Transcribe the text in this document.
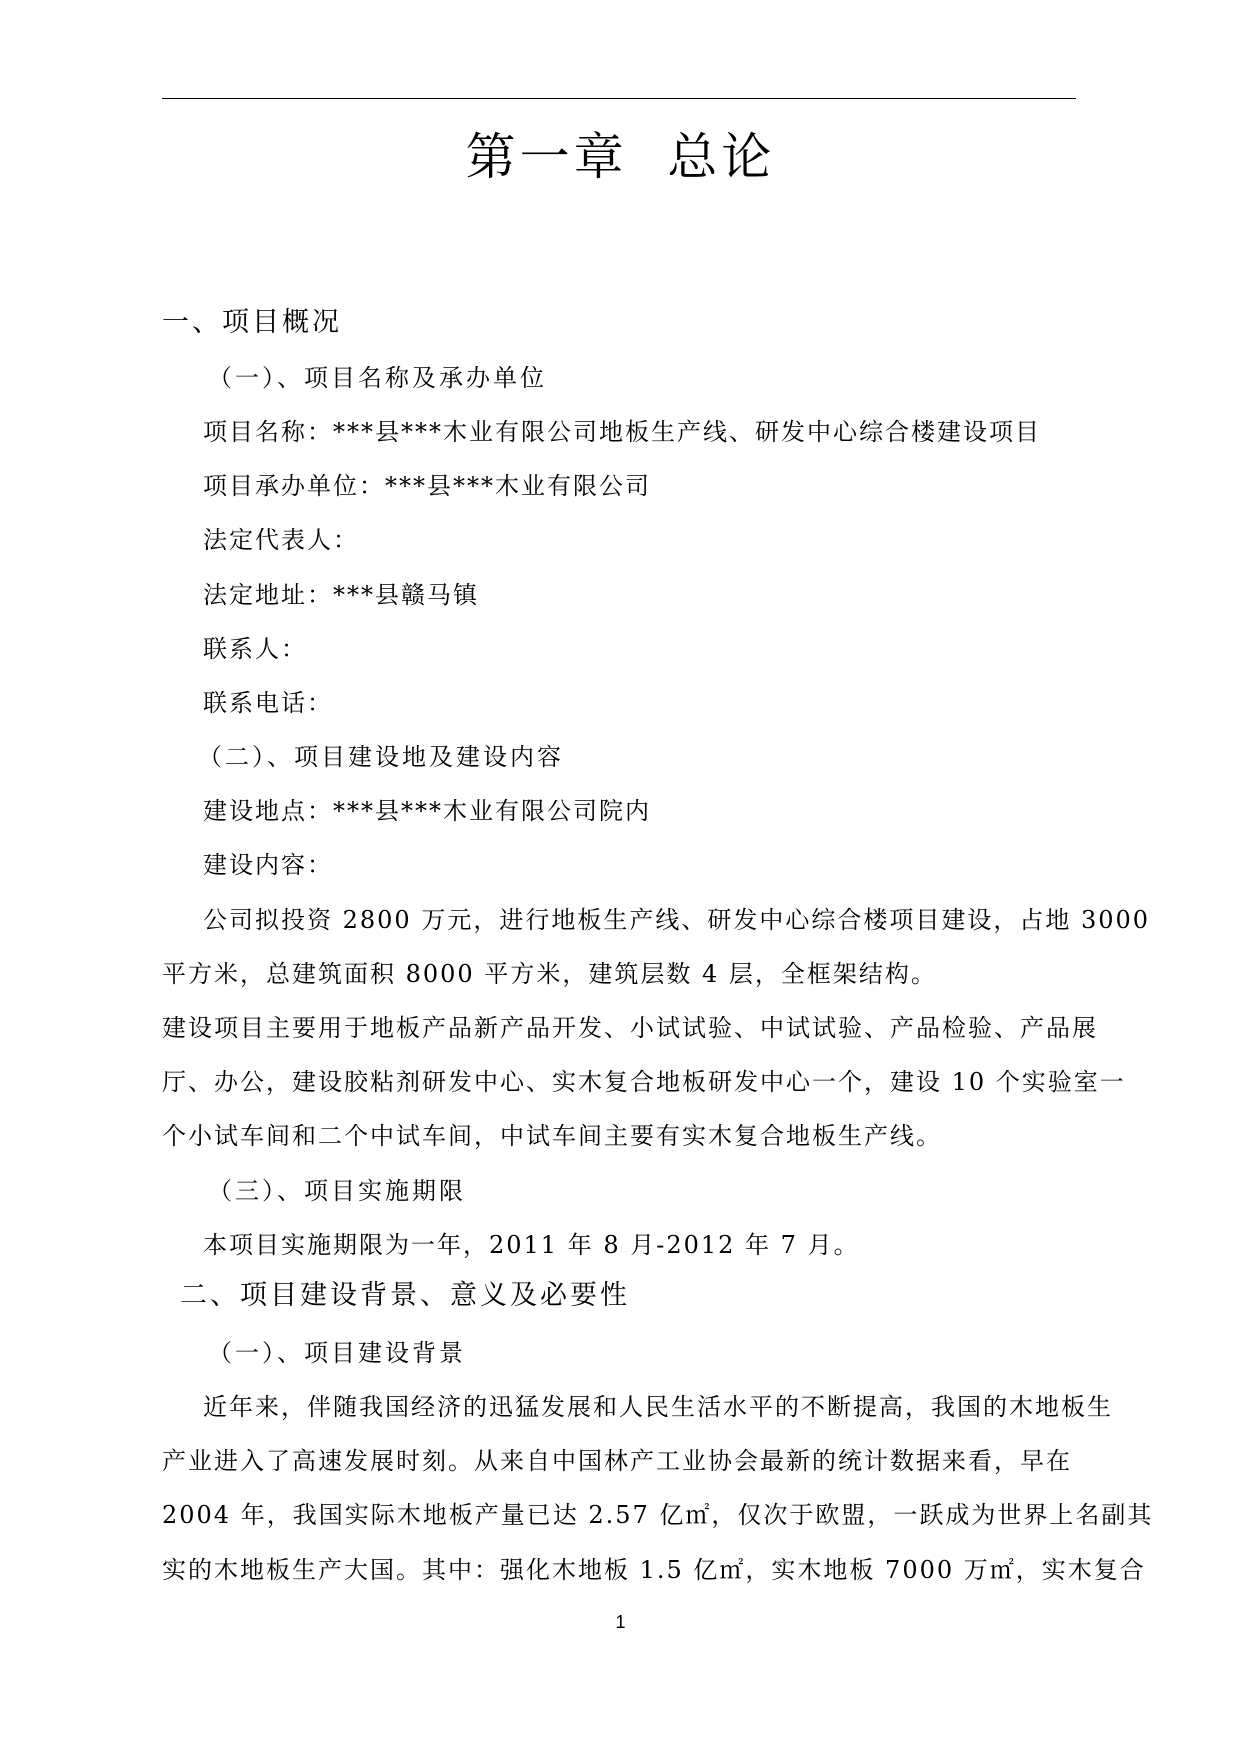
第一章  总论
一、项目概况
（一）、项目名称及承办单位
项目名称：***县***木业有限公司地板生产线、研发中心综合楼建设项目
项目承办单位：***县***木业有限公司
法定代表人：
法定地址：***县赣马镇
联系人：
联系电话：
（二）、项目建设地及建设内容
建设地点：***县***木业有限公司院内
建设内容：
公司拟投资 2800 万元，进行地板生产线、研发中心综合楼项目建设，占地 3000
平方米，总建筑面积 8000 平方米，建筑层数 4 层，全框架结构。
建设项目主要用于地板产品新产品开发、小试试验、中试试验、产品检验、产品展
厅、办公，建设胶粘剂研发中心、实木复合地板研发中心一个，建设 10 个实验室一
个小试车间和二个中试车间，中试车间主要有实木复合地板生产线。
（三）、项目实施期限
本项目实施期限为一年，2011 年 8 月-2012 年 7 月。
二、项目建设背景、意义及必要性
（一）、项目建设背景
近年来，伴随我国经济的迅猛发展和人民生活水平的不断提高，我国的木地板生
产业进入了高速发展时刻。从来自中国林产工业协会最新的统计数据来看，早在
2004 年，我国实际木地板产量已达 2.57 亿㎡，仅次于欧盟，一跃成为世界上名副其
实的木地板生产大国。其中：强化木地板 1.5 亿㎡，实木地板 7000 万㎡，实木复合
1
